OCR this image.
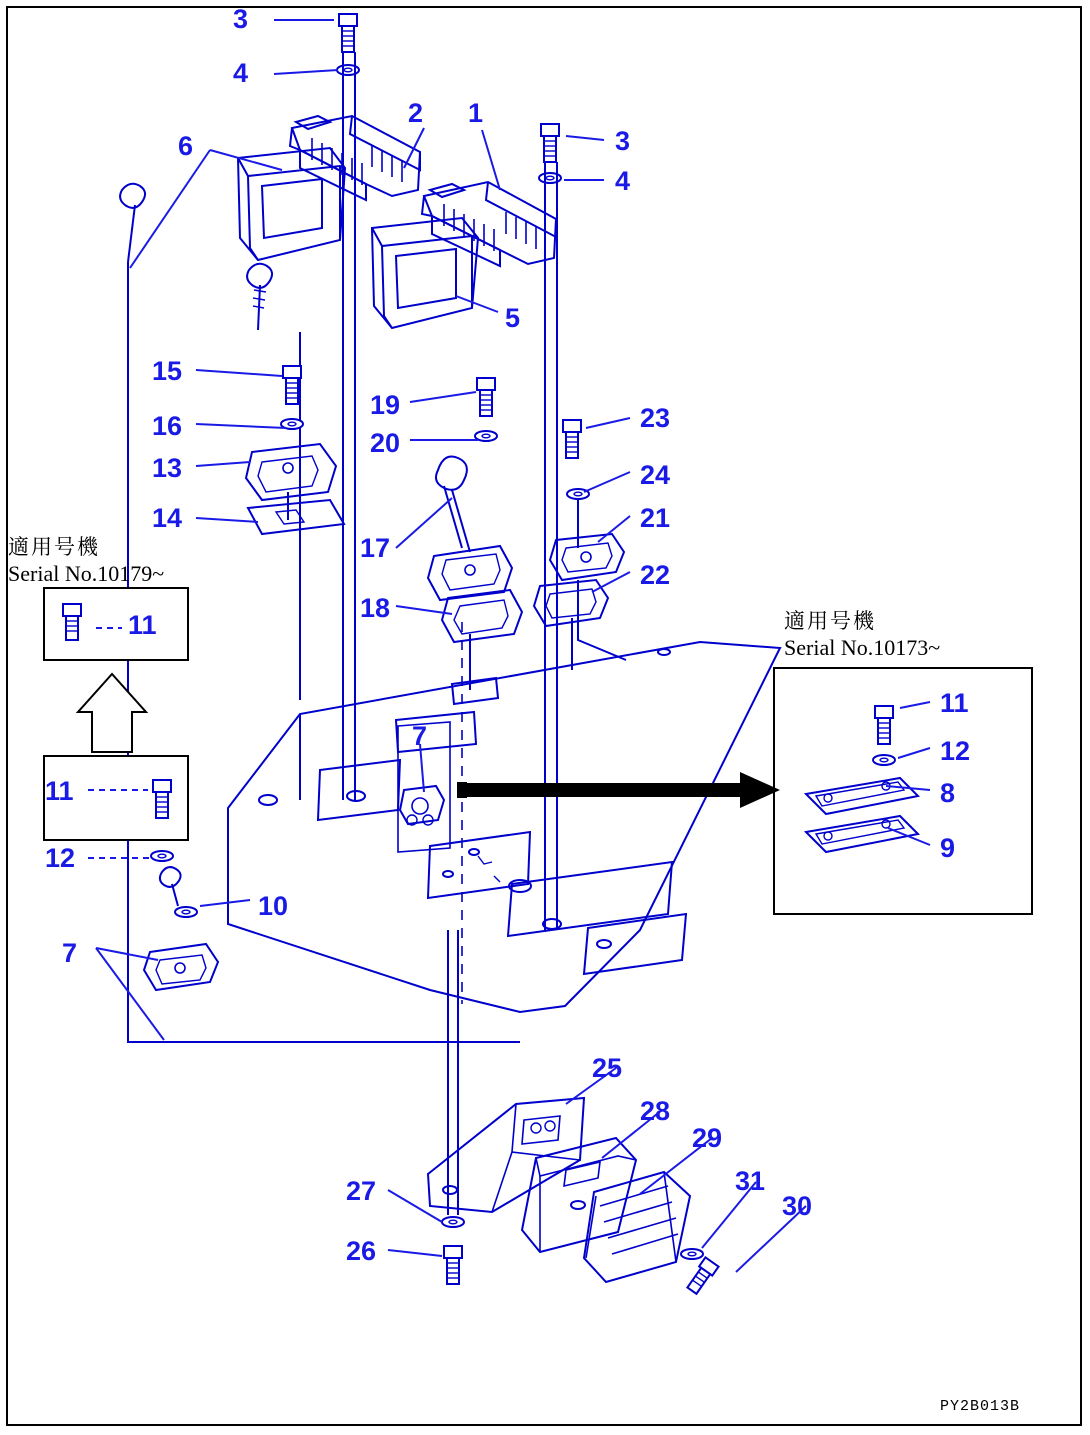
適用号機
Serial No.10179~
適用号機
Serial No.10173~
3
4
2 1
3
4
6
5
15
16
13
14
19
20
23
24
21
22
17
18
11
11
12
11
12
8
9
7
10
7
25
28
29
31
30
27
26
PY2B013B
